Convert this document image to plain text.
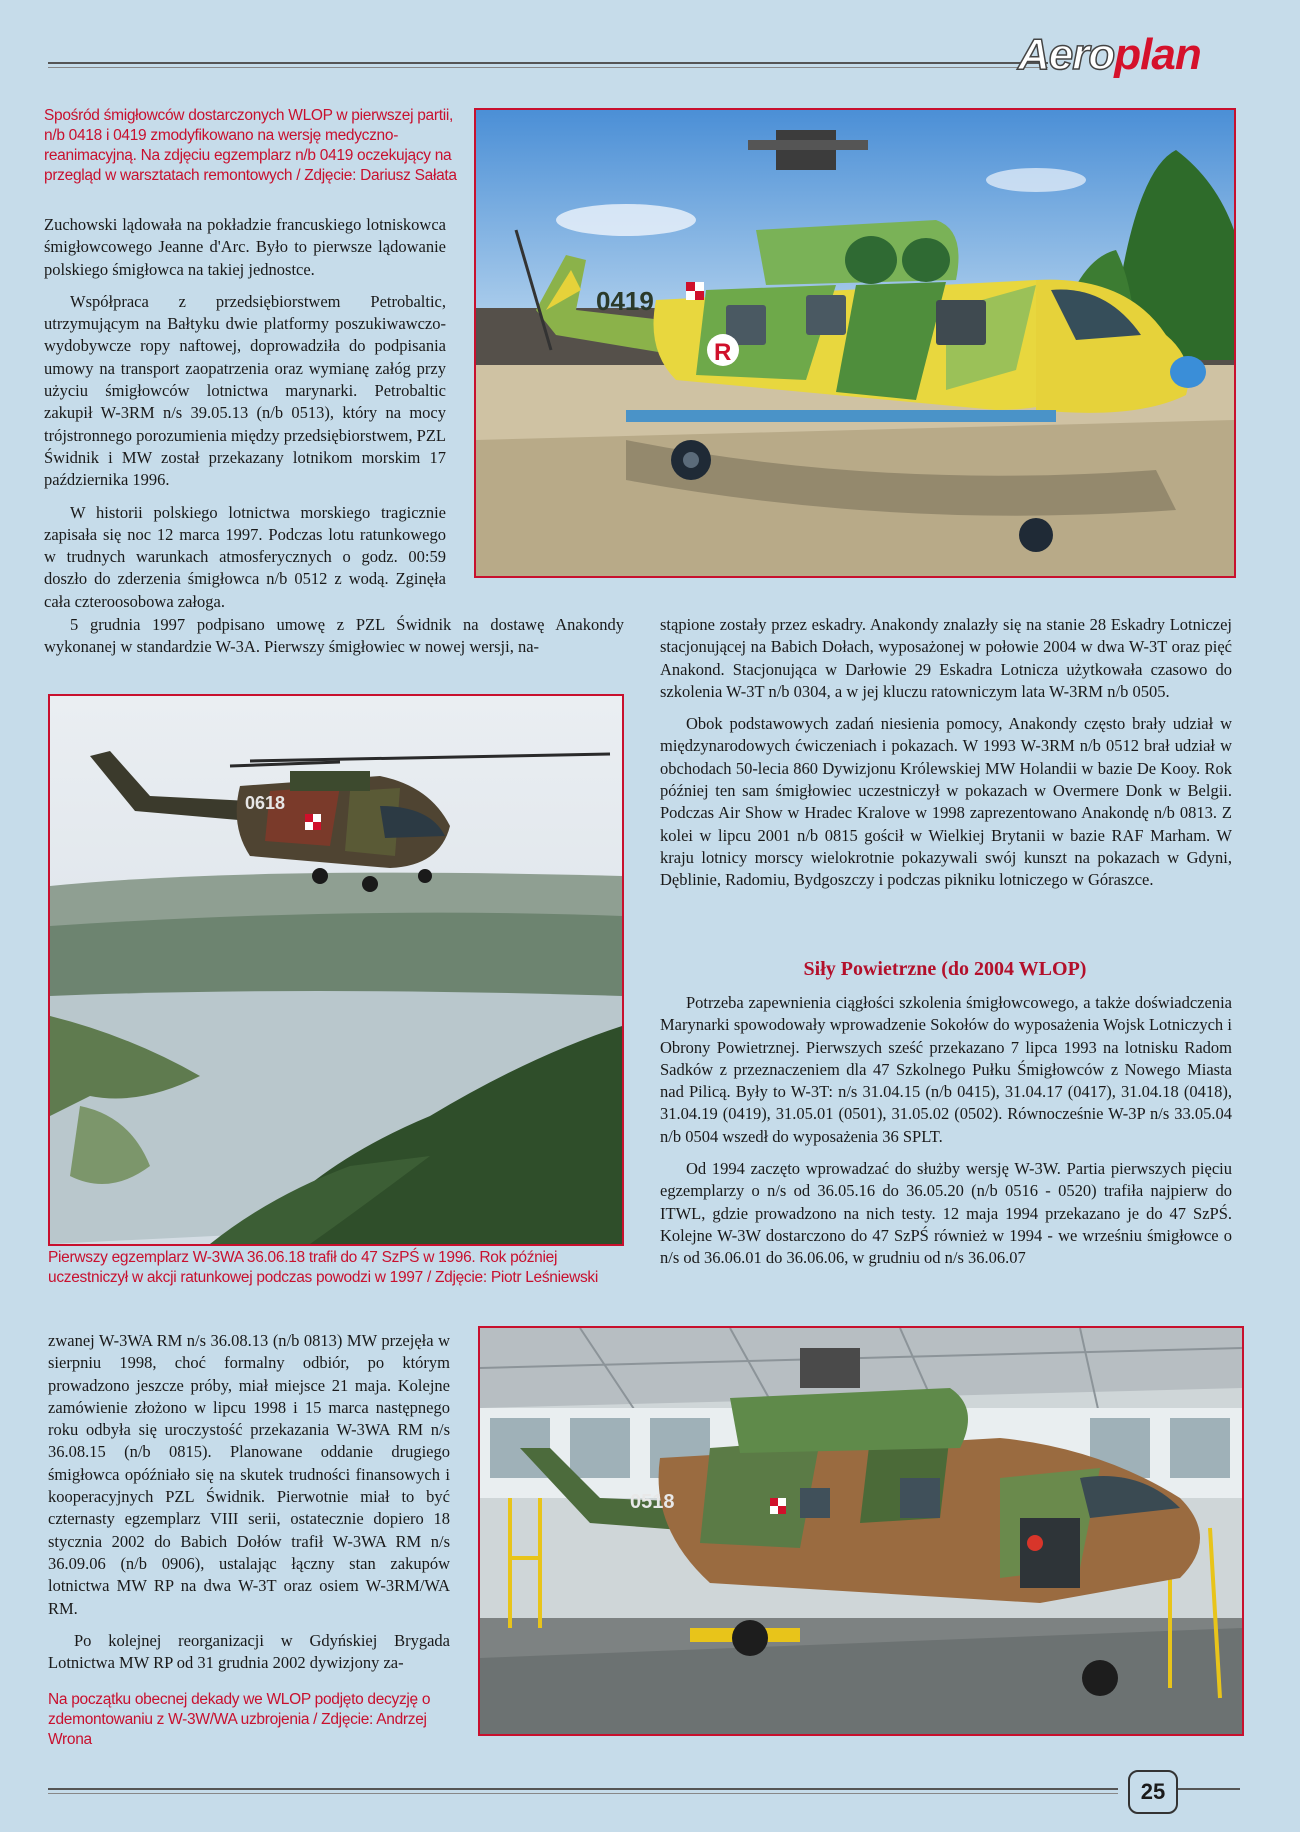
Aeroplan
Spośród śmigłowców dostarczonych WLOP w pierwszej partii, n/b 0418 i 0419 zmodyfikowano na wersję medyczno-reanimacyjną. Na zdjęciu egzemplarz n/b 0419 oczekujący na przegląd w warsztatach remontowych / Zdjęcie: Dariusz Sałata

Zuchowski lądowała na pokładzie francuskiego lotniskowca śmigłowcowego Jeanne d'Arc. Było to pierwsze lądowanie polskiego śmigłowca na takiej jednostce.

Współpraca z przedsiębiorstwem Petrobaltic, utrzymującym na Bałtyku dwie platformy poszukiwawczo-wydobywcze ropy naftowej, doprowadziła do podpisania umowy na transport zaopatrzenia oraz wymianę załóg przy użyciu śmigłowców lotnictwa marynarki. Petrobaltic zakupił W-3RM n/s 39.05.13 (n/b 0513), który na mocy trójstronnego porozumienia między przedsiębiorstwem, PZL Świdnik i MW został przekazany lotnikom morskim 17 października 1996.

W historii polskiego lotnictwa morskiego tragicznie zapisała się noc 12 marca 1997. Podczas lotu ratunkowego w trudnych warunkach atmosferycznych o godz. 00:59 doszło do zderzenia śmigłowca n/b 0512 z wodą. Zginęła cała czteroosobowa załoga.

5 grudnia 1997 podpisano umowę z PZL Świdnik na dostawę Anakondy wykonanej w standardzie W-3A. Pierwszy śmigłowiec w nowej wersji, na-

0419
R
0618
Pierwszy egzemplarz W-3WA 36.06.18 trafił do 47 SzPŚ w 1996. Rok później uczestniczył w akcji ratunkowej podczas powodzi w 1997 / Zdjęcie: Piotr Leśniewski

stąpione zostały przez eskadry. Anakondy znalazły się na stanie 28 Eskadry Lotniczej stacjonującej na Babich Dołach, wyposażonej w połowie 2004 w dwa W-3T oraz pięć Anakond. Stacjonująca w Darłowie 29 Eskadra Lotnicza użytkowała czasowo do szkolenia W-3T n/b 0304, a w jej kluczu ratowniczym lata W-3RM n/b 0505.

Obok podstawowych zadań niesienia pomocy, Anakondy często brały udział w międzynarodowych ćwiczeniach i pokazach. W 1993 W-3RM n/b 0512 brał udział w obchodach 50-lecia 860 Dywizjonu Królewskiej MW Holandii w bazie De Kooy. Rok później ten sam śmigłowiec uczestniczył w pokazach w Overmere Donk w Belgii. Podczas Air Show w Hradec Kralove w 1998 zaprezentowano Anakondę n/b 0813. Z kolei w lipcu 2001 n/b 0815 gościł w Wielkiej Brytanii w bazie RAF Marham. W kraju lotnicy morscy wielokrotnie pokazywali swój kunszt na pokazach w Gdyni, Dęblinie, Radomiu, Bydgoszczy i podczas pikniku lotniczego w Góraszce.

Siły Powietrzne (do 2004 WLOP)

Potrzeba zapewnienia ciągłości szkolenia śmigłowcowego, a także doświadczenia Marynarki spowodowały wprowadzenie Sokołów do wyposażenia Wojsk Lotniczych i Obrony Powietrznej. Pierwszych sześć przekazano 7 lipca 1993 na lotnisku Radom Sadków z przeznaczeniem dla 47 Szkolnego Pułku Śmigłowców z Nowego Miasta nad Pilicą. Były to W-3T: n/s 31.04.15 (n/b 0415), 31.04.17 (0417), 31.04.18 (0418), 31.04.19 (0419), 31.05.01 (0501), 31.05.02 (0502). Równocześnie W-3P n/s 33.05.04 n/b 0504 wszedł do wyposażenia 36 SPLT.

Od 1994 zaczęto wprowadzać do służby wersję W-3W. Partia pierwszych pięciu egzemplarzy o n/s od 36.05.16 do 36.05.20 (n/b 0516 - 0520) trafiła najpierw do ITWL, gdzie prowadzono na nich testy. 12 maja 1994 przekazano je do 47 SzPŚ. Kolejne W-3W dostarczono do 47 SzPŚ również w 1994 - we wrześniu śmigłowce o n/s od 36.06.01 do 36.06.06, w grudniu od n/s 36.06.07

zwanej W-3WA RM n/s 36.08.13 (n/b 0813) MW przejęła w sierpniu 1998, choć formalny odbiór, po którym prowadzono jeszcze próby, miał miejsce 21 maja. Kolejne zamówienie złożono w lipcu 1998 i 15 marca następnego roku odbyła się uroczystość przekazania W-3WA RM n/s 36.08.15 (n/b 0815). Planowane oddanie drugiego śmigłowca opóźniało się na skutek trudności finansowych i kooperacyjnych PZL Świdnik. Pierwotnie miał to być czternasty egzemplarz VIII serii, ostatecznie dopiero 18 stycznia 2002 do Babich Dołów trafił W-3WA RM n/s 36.09.06 (n/b 0906), ustalając łączny stan zakupów lotnictwa MW RP na dwa W-3T oraz osiem W-3RM/WA RM.

Po kolejnej reorganizacji w Gdyńskiej Brygada Lotnictwa MW RP od 31 grudnia 2002 dywizjony za-

Na początku obecnej dekady we WLOP podjęto decyzję o zdemontowaniu z W-3W/WA uzbrojenia / Zdjęcie: Andrzej Wrona
0518
25
